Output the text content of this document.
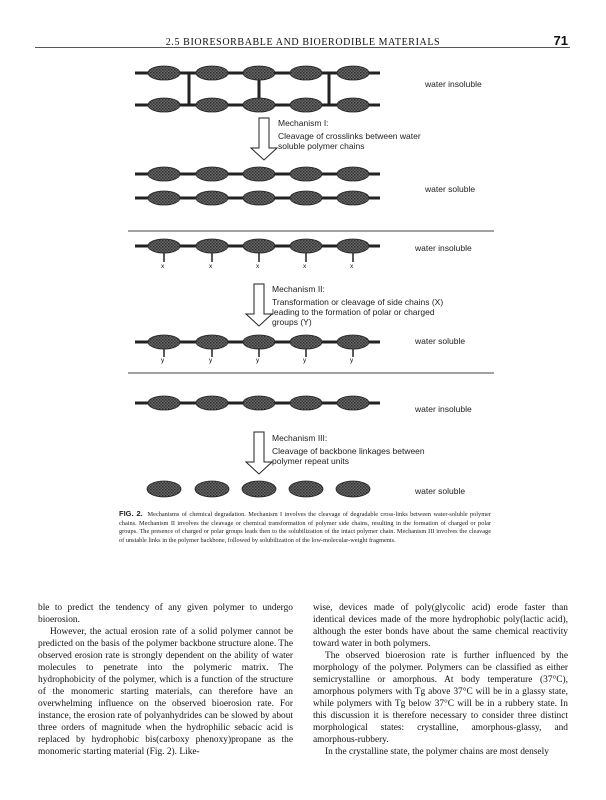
2.5 BIORESORBABLE AND BIOERODIBLE MATERIALS	71
water insoluble
Mechanism I:
Cleavage of crosslinks between water
soluble polymer chains
water soluble
water insoluble
Mechanism II:
Transformation or cleavage of side chains (X)
leading to the formation of polar or charged
groups (Y)
water soluble
water insoluble
Mechanism III:
Cleavage of backbone linkages between
polymer repeat units
water soluble
x	x	x	x	x
y	y	y	y	y
FIG. 2. Mechanisms of chemical degradation. Mechanism I involves the cleavage of degradable cross-links between water-soluble polymer chains. Mechanism II involves the cleavage or chemical transformation of polymer side chains, resulting in the formation of charged or polar groups. The presence of charged or polar groups leads then to the solubilization of the intact polymer chain. Mechanism III involves the cleavage of unstable links in the polymer backbone, followed by solubilization of the low-molecular-weight fragments.

ble to predict the tendency of any given polymer to undergo bioerosion.

However, the actual erosion rate of a solid polymer cannot be predicted on the basis of the polymer backbone structure alone. The observed erosion rate is strongly dependent on the ability of water molecules to penetrate into the polymeric matrix. The hydrophobicity of the polymer, which is a function of the structure of the monomeric starting materials, can therefore have an overwhelming influence on the observed bioerosion rate. For instance, the erosion rate of polyanhydrides can be slowed by about three orders of magnitude when the hydrophilic sebacic acid is replaced by hydrophobic bis(carboxy phenoxy)propane as the monomeric starting material (Fig. 2). Like-

wise, devices made of poly(glycolic acid) erode faster than identical devices made of the more hydrophobic poly(lactic acid), although the ester bonds have about the same chemical reactivity toward water in both polymers.

The observed bioerosion rate is further influenced by the morphology of the polymer. Polymers can be classified as either semicrystalline or amorphous. At body temperature (37°C), amorphous polymers with Tg above 37°C will be in a glassy state, while polymers with Tg below 37°C will be in a rubbery state. In this discussion it is therefore necessary to consider three distinct morphological states: crystalline, amorphous-glassy, and amorphous-rubbery.

In the crystalline state, the polymer chains are most densely
